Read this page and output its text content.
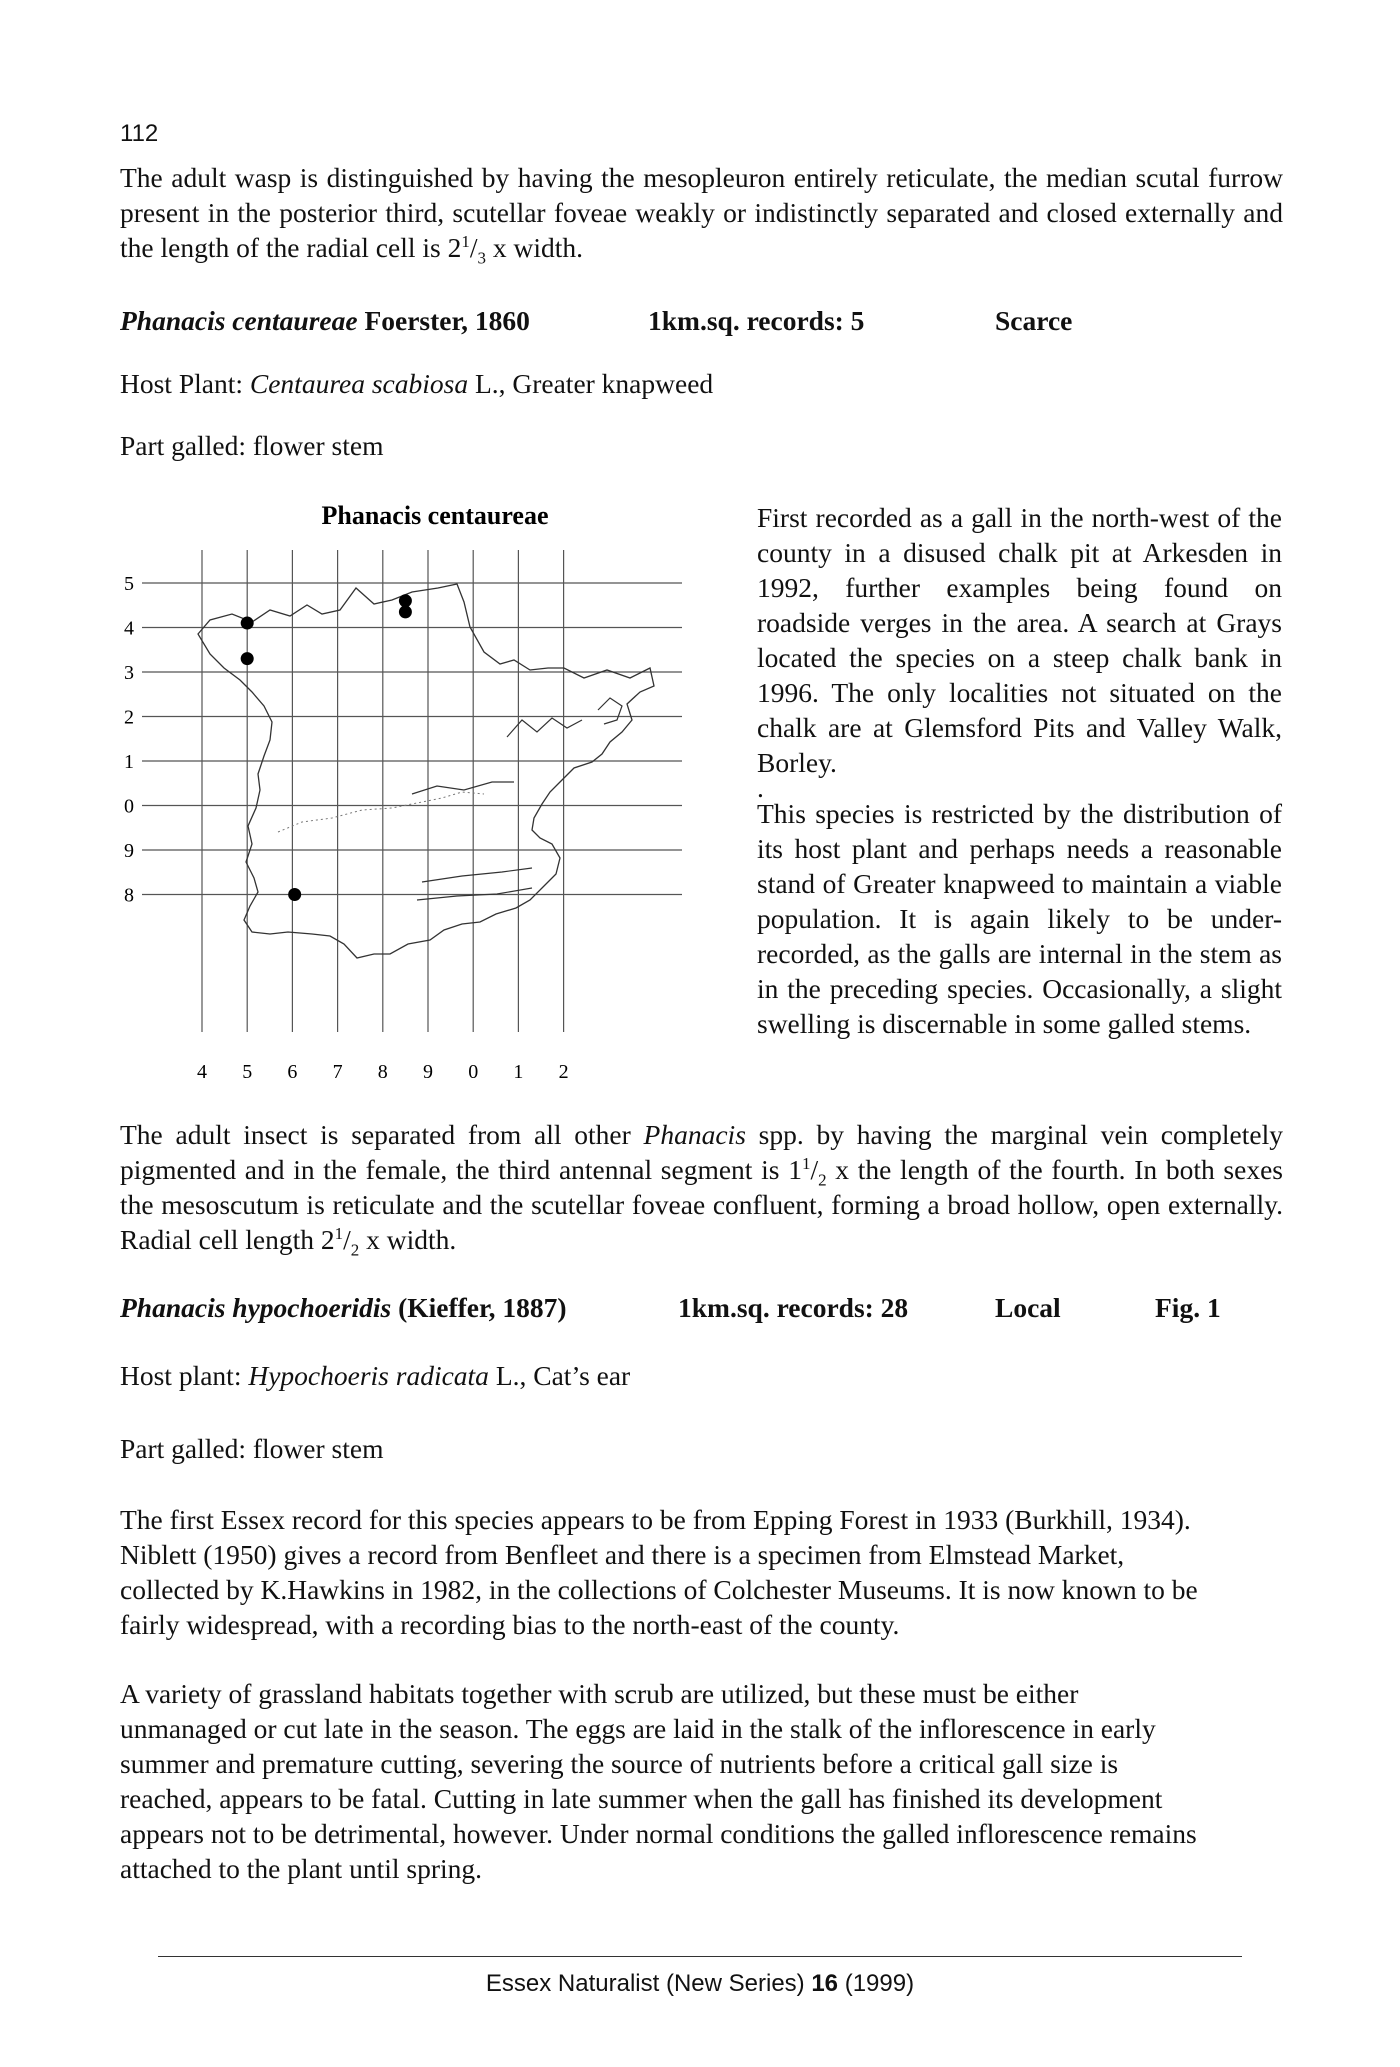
112
The adult wasp is distinguished by having the mesopleuron entirely reticulate, the median scutal furrow present in the posterior third, scutellar foveae weakly or indistinctly separated and closed externally and the length of the radial cell is $2^1/_3$ x width.
Phanacis centaureae Foerster, 1860	1km.sq. records: 5	Scarce
Host Plant: Centaurea scabiosa L., Greater knapweed
Part galled: flower stem
Phanacis centaureae
5
4
3
2
1
0
9
8
4 5 6 7 8 9 0 1 2
First recorded as a gall in the north-west of the county in a disused chalk pit at Arkesden in 1992, further examples being found on roadside verges in the area. A search at Grays located the species on a steep chalk bank in 1996. The only localities not situated on the chalk are at Glemsford Pits and Valley Walk, Borley.
.
This species is restricted by the distribution of its host plant and perhaps needs a reasonable stand of Greater knapweed to maintain a viable population. It is again likely to be under-recorded, as the galls are internal in the stem as in the preceding species. Occasionally, a slight swelling is discernable in some galled stems.
The adult insect is separated from all other Phanacis spp. by having the marginal vein completely pigmented and in the female, the third antennal segment is $1^1/_2$ x the length of the fourth. In both sexes the mesoscutum is reticulate and the scutellar foveae confluent, forming a broad hollow, open externally. Radial cell length $2^1/_2$ x width.
Phanacis hypochoeridis (Kieffer, 1887)	1km.sq. records: 28	Local	Fig. 1
Host plant: Hypochoeris radicata L., Cat’s ear
Part galled: flower stem
The first Essex record for this species appears to be from Epping Forest in 1933 (Burkhill, 1934). Niblett (1950) gives a record from Benfleet and there is a specimen from Elmstead Market, collected by K.Hawkins in 1982, in the collections of Colchester Museums. It is now known to be fairly widespread, with a recording bias to the north-east of the county.
A variety of grassland habitats together with scrub are utilized, but these must be either unmanaged or cut late in the season. The eggs are laid in the stalk of the inflorescence in early summer and premature cutting, severing the source of nutrients before a critical gall size is reached, appears to be fatal. Cutting in late summer when the gall has finished its development appears not to be detrimental, however. Under normal conditions the galled inflorescence remains attached to the plant until spring.
Essex Naturalist (New Series) 16 (1999)
